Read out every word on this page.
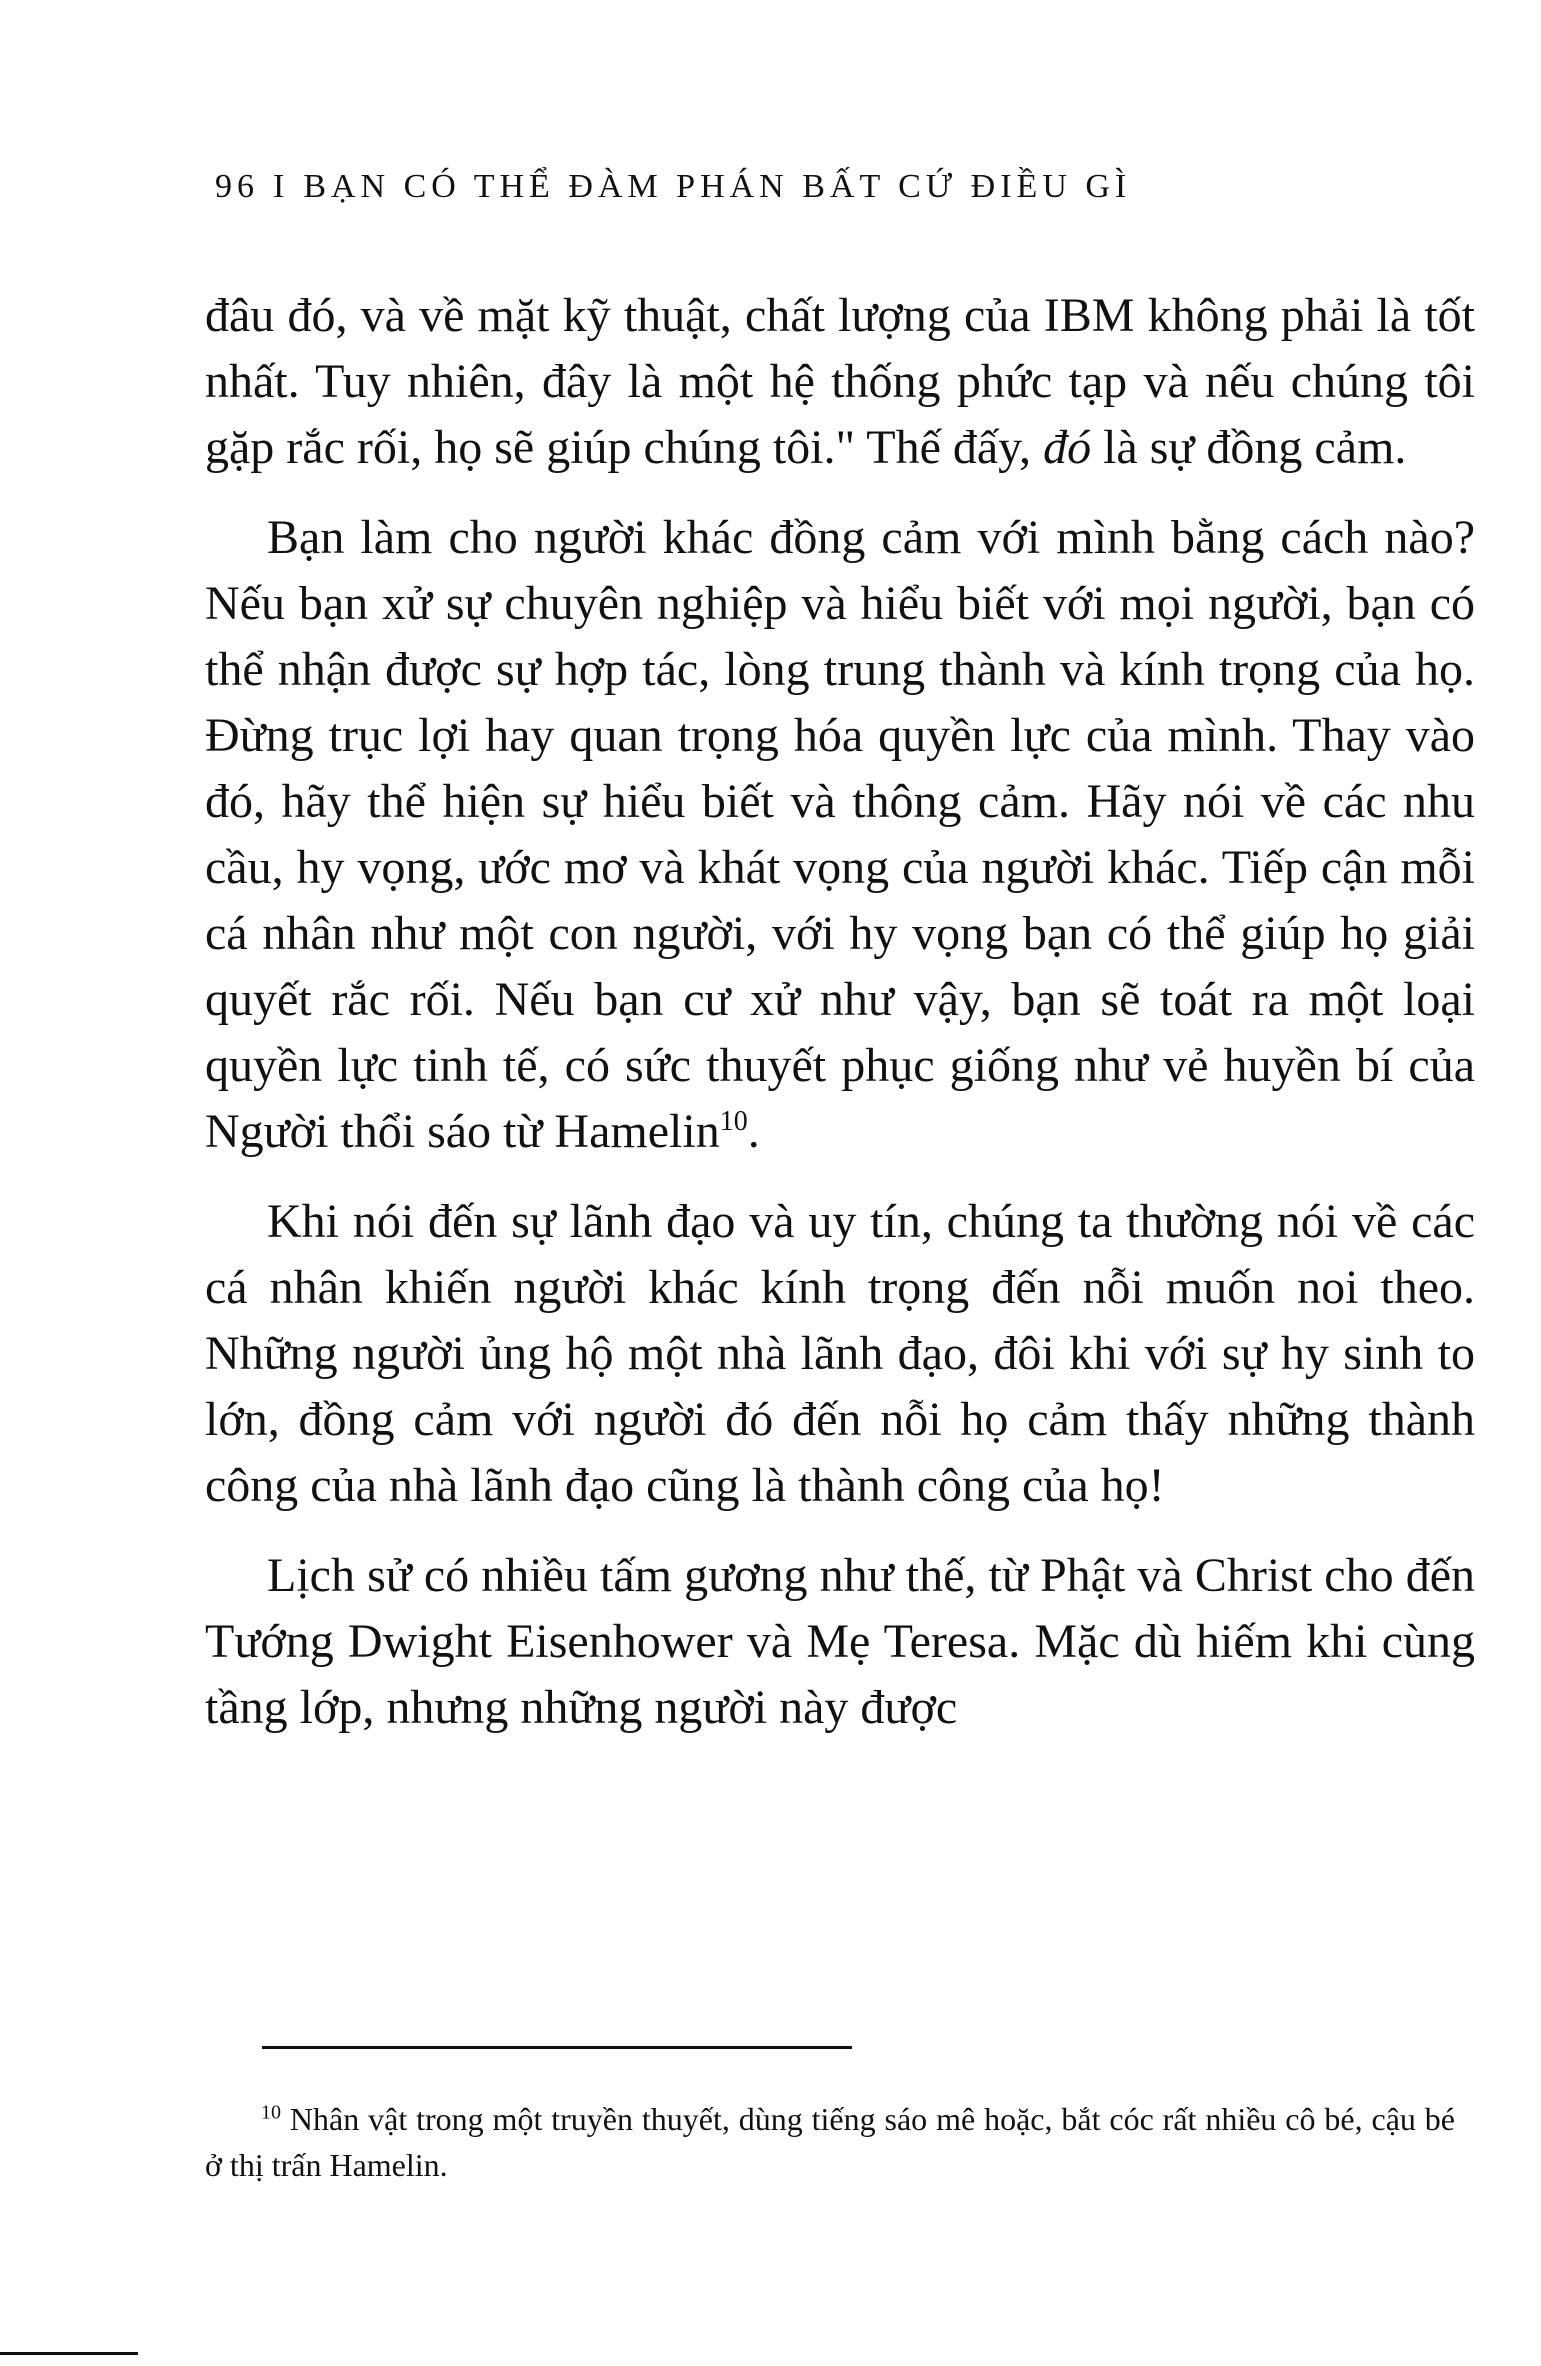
96 I BẠN CÓ THỂ ĐÀM PHÁN BẤT CỨ ĐIỀU GÌ

đâu đó, và về mặt kỹ thuật, chất lượng của IBM không phải là tốt nhất. Tuy nhiên, đây là một hệ thống phức tạp và nếu chúng tôi gặp rắc rối, họ sẽ giúp chúng tôi." Thế đấy, đó là sự đồng cảm.

Bạn làm cho người khác đồng cảm với mình bằng cách nào? Nếu bạn xử sự chuyên nghiệp và hiểu biết với mọi người, bạn có thể nhận được sự hợp tác, lòng trung thành và kính trọng của họ. Đừng trục lợi hay quan trọng hóa quyền lực của mình. Thay vào đó, hãy thể hiện sự hiểu biết và thông cảm. Hãy nói về các nhu cầu, hy vọng, ước mơ và khát vọng của người khác. Tiếp cận mỗi cá nhân như một con người, với hy vọng bạn có thể giúp họ giải quyết rắc rối. Nếu bạn cư xử như vậy, bạn sẽ toát ra một loại quyền lực tinh tế, có sức thuyết phục giống như vẻ huyền bí của Người thổi sáo từ Hamelin$^{10}$.

Khi nói đến sự lãnh đạo và uy tín, chúng ta thường nói về các cá nhân khiến người khác kính trọng đến nỗi muốn noi theo. Những người ủng hộ một nhà lãnh đạo, đôi khi với sự hy sinh to lớn, đồng cảm với người đó đến nỗi họ cảm thấy những thành công của nhà lãnh đạo cũng là thành công của họ!

Lịch sử có nhiều tấm gương như thế, từ Phật và Christ cho đến Tướng Dwight Eisenhower và Mẹ Teresa. Mặc dù hiếm khi cùng tầng lớp, nhưng những người này được

$^{10}$ Nhân vật trong một truyền thuyết, dùng tiếng sáo mê hoặc, bắt cóc rất nhiều cô bé, cậu bé ở thị trấn Hamelin.
